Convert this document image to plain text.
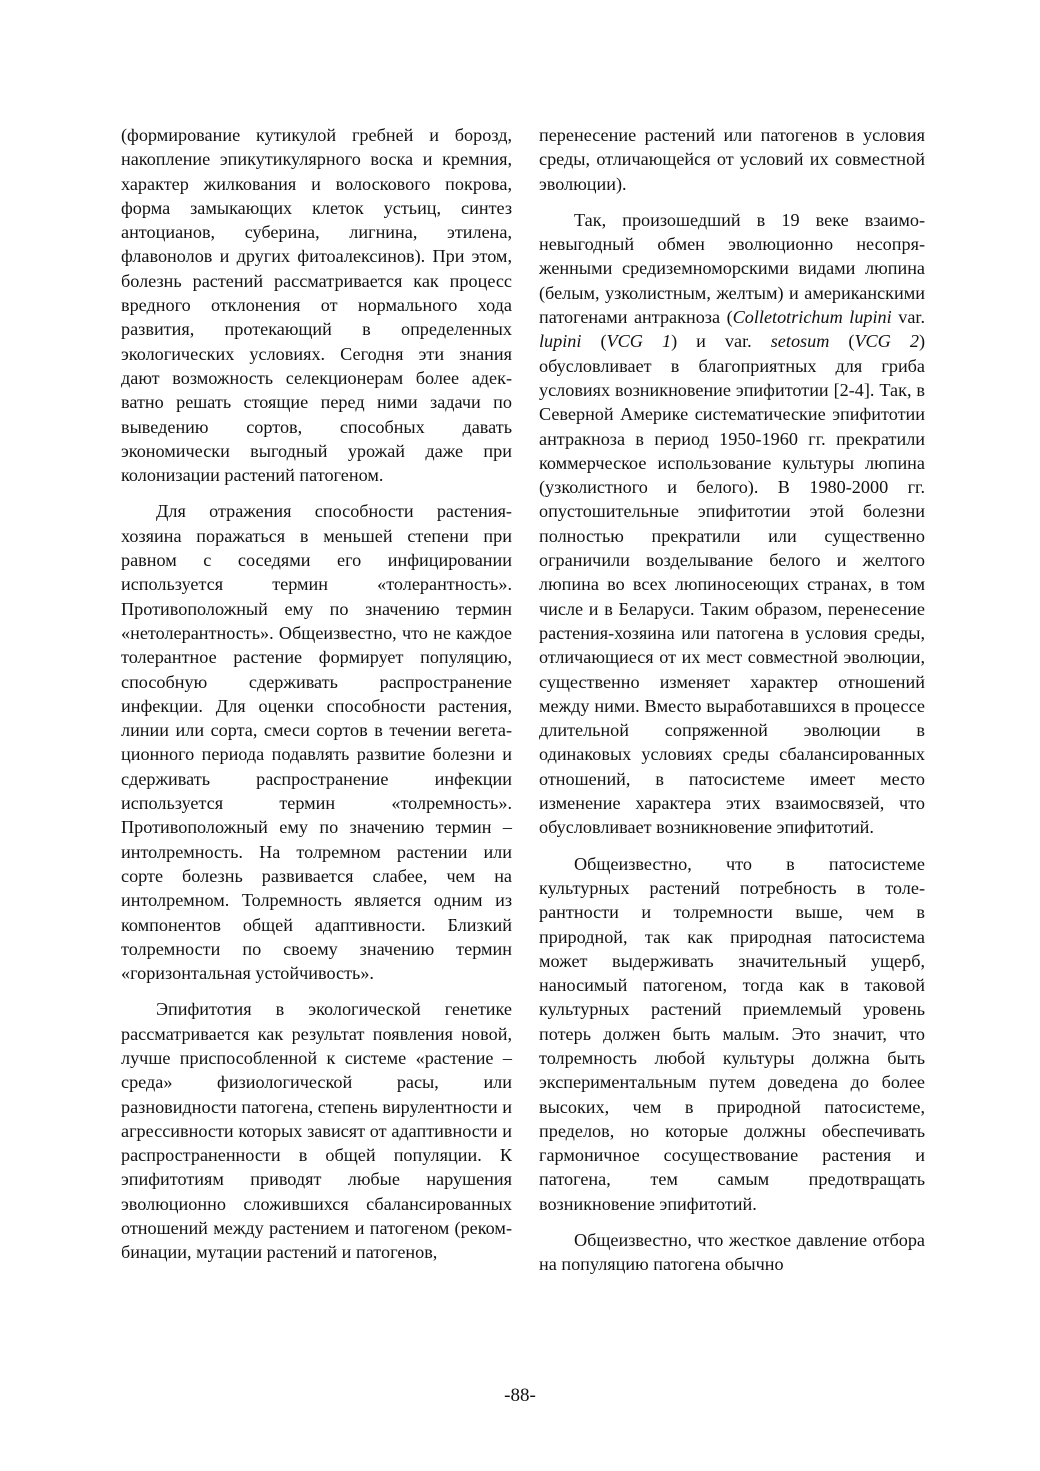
(формирование кутикулой гребней и борозд, накопление эпикутикулярного воска и кремния, характер жилкования и волоскового покрова, форма замыкающих клеток устьиц, синтез антоцианов, суберина, лигнина, этилена, флавонолов и других фитоалексинов). При этом, болезнь растений рассматривается как процесс вредного отклонения от нормального хода развития, протекающий в определенных экологических условиях. Сегодня эти знания дают возможность селекционерам более адекватно решать стоящие перед ними задачи по выведению сортов, способных давать экономически выгодный урожай даже при колонизации растений патогеном.

Для отражения способности растения-хозяина поражаться в меньшей степени при равном с соседями его инфицировании используется термин «толерантность». Противоположный ему по значению термин «нетолерантность». Общеизвестно, что не каждое толерантное растение формирует популяцию, способную сдерживать распространение инфекции. Для оценки способности растения, линии или сорта, смеси сортов в течении вегетационного периода подавлять развитие болезни и сдерживать распространение инфекции используется термин «толремность». Противоположный ему по значению термин – интолремность. На толремном растении или сорте болезнь развивается слабее, чем на интолремном. Толремность является одним из компонентов общей адаптивности. Близкий толремности по своему значению термин «горизонтальная устойчивость».

Эпифитотия в экологической генетике рассматривается как результат появления новой, лучше приспособленной к системе «растение – среда» физиологической расы, или разновидности патогена, степень вирулентности и агрессивности которых зависят от адаптивности и распространенности в общей популяции. К эпифитотиям приводят любые нарушения эволюционно сложившихся сбалансированных отношений между растением и патогеном (рекомбинации, мутации растений и патогенов,

перенесение растений или патогенов в условия среды, отличающейся от условий их совместной эволюции).

Так, произошедший в 19 веке взаимоневыгодный обмен эволюционно несопряженными средиземноморскими видами люпина (белым, узколистным, желтым) и американскими патогенами антракноза (Colletotrichum lupini var. lupini (VCG 1) и var. setosum (VCG 2) обусловливает в благоприятных для гриба условиях возникновение эпифитотии [2-4]. Так, в Северной Америке систематические эпифитотии антракноза в период 1950-1960 гг. прекратили коммерческое использование культуры люпина (узколистного и белого). В 1980-2000 гг. опустошительные эпифитотии этой болезни полностью прекратили или существенно ограничили возделывание белого и желтого люпина во всех люпиносеющих странах, в том числе и в Беларуси. Таким образом, перенесение растения-хозяина или патогена в условия среды, отличающиеся от их мест совместной эволюции, существенно изменяет характер отношений между ними. Вместо выработавшихся в процессе длительной сопряженной эволюции в одинаковых условиях среды сбалансированных отношений, в патосистеме имеет место изменение характера этих взаимосвязей, что обусловливает возникновение эпифитотий.

Общеизвестно, что в патосистеме культурных растений потребность в толерантности и толремности выше, чем в природной, так как природная патосистема может выдерживать значительный ущерб, наносимый патогеном, тогда как в таковой культурных растений приемлемый уровень потерь должен быть малым. Это значит, что толремность любой культуры должна быть экспериментальным путем доведена до более высоких, чем в природной патосистеме, пределов, но которые должны обеспечивать гармоничное сосуществование растения и патогена, тем самым предотвращать возникновение эпифитотий.

Общеизвестно, что жесткое давление отбора на популяцию патогена обычно

-88-
